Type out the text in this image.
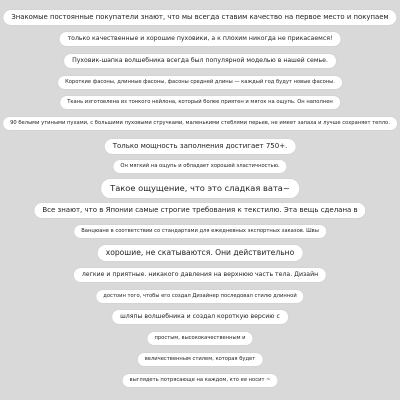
Знакомые постоянные покупатели знают, что мы всегда ставим качество на первое место и покупаем
только качественные и хорошие пуховики, а к плохим никогда не прикасаемся!
Пуховик-шапка волшебника всегда был популярной моделью в нашей семье.
Короткие фасоны, длинные фасоны, фасоны средней длины — каждый год будут новые фасоны.
Ткань изготовлена из тонкого нейлона, который более приятен и мягок на ощупь. Он наполнен
90 белыми утиными пухами, с большими пуховыми стручками, маленькими стеблями перьев, не имеет запаха и лучше сохраняет тепло.
Только мощность заполнения достигает 750+.
Он мягкий на ощупь и обладает хорошей эластичностью.
Такое ощущение, что это сладкая вата~
Все знают, что в Японии самые строгие требования к текстилю. Эта вещь сделана в
Ванцюане в соответствии со стандартами для ежедневных экспортных заказов. Швы
хорошие, не скатываются. Они действительно
легкие и приятные. никакого давления на верхнюю часть тела. Дизайн
достоин того, чтобы его создал Дизайнер последовал стилю длинной
шляпы волшебника и создал короткую версию с
простым, высококачественным и
величественным стилем, которая будет
выглядеть потрясающе на каждом, кто ее носит ~
